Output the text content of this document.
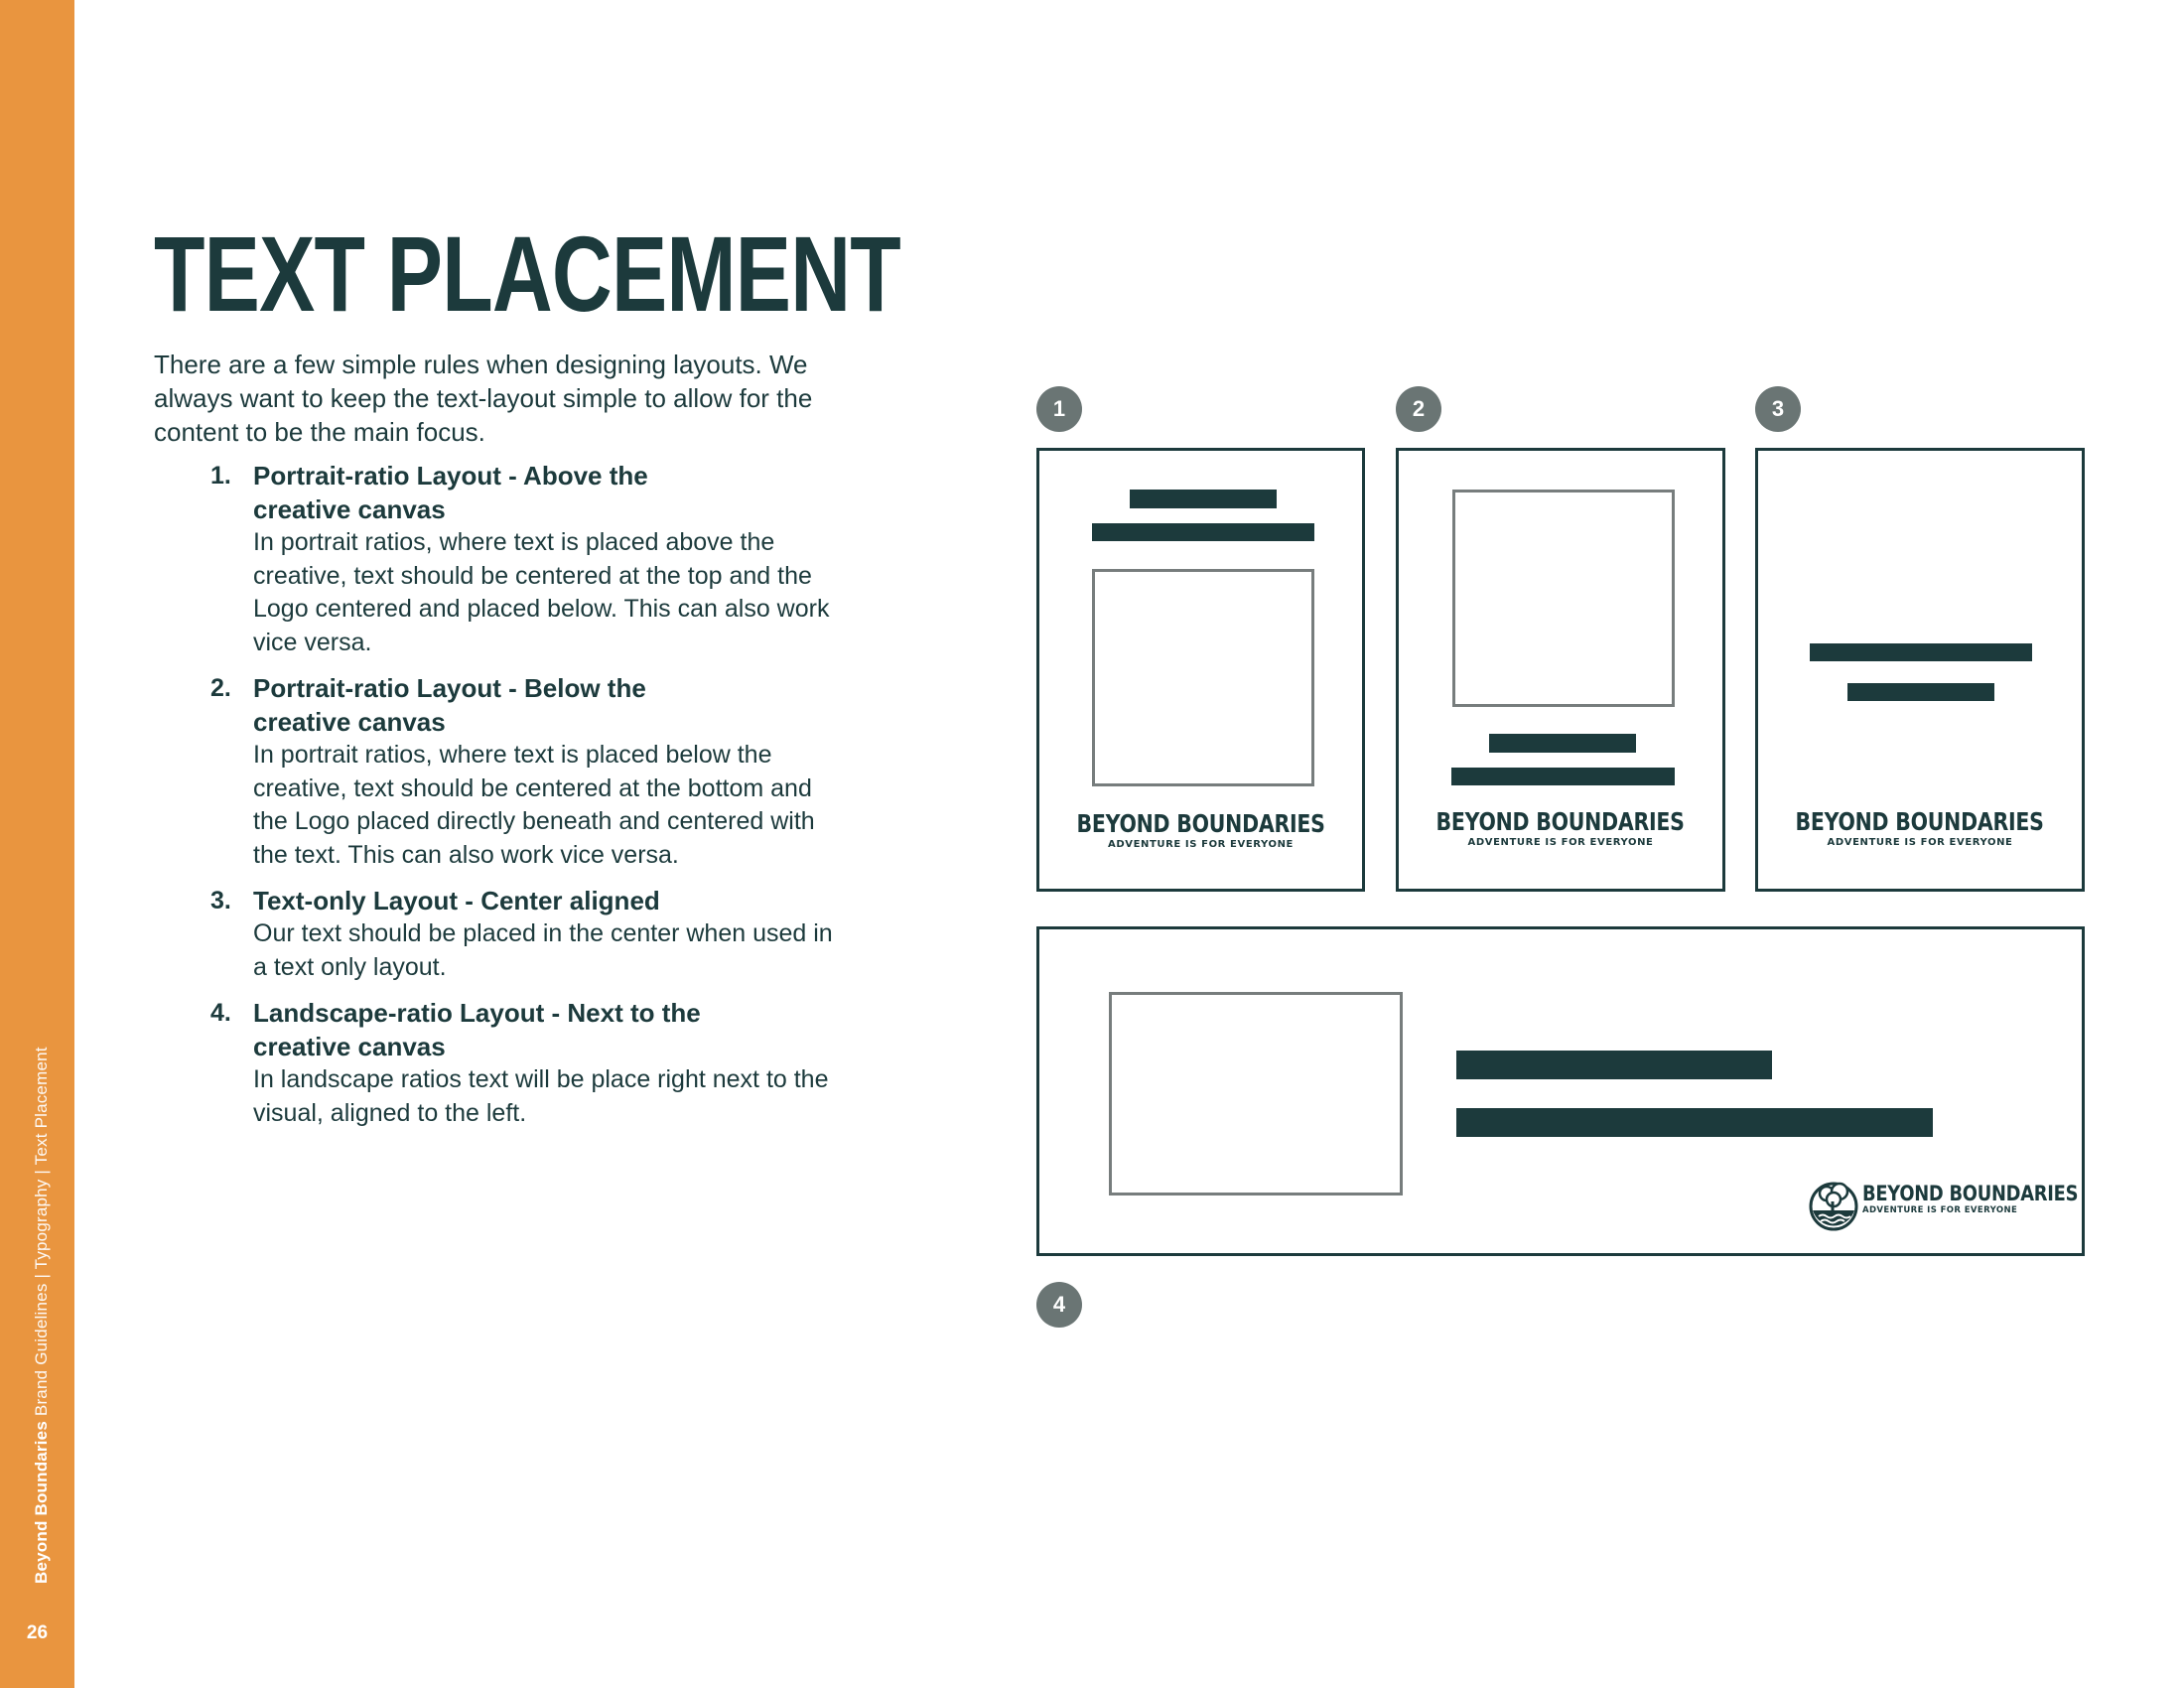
Beyond Boundaries Brand Guidelines | Typography | Text Placement
26
TEXT PLACEMENT

There are a few simple rules when designing layouts. We always want to keep the text-layout simple to allow for the content to be the main focus.

1. Portrait-ratio Layout - Above the creative canvas
In portrait ratios, where text is placed above the creative, text should be centered at the top and the Logo centered and placed below. This can also work vice versa.
2. Portrait-ratio Layout - Below the creative canvas
In portrait ratios, where text is placed below the creative, text should be centered at the bottom and the Logo placed directly beneath and centered with the text. This can also work vice versa.
3. Text-only Layout - Center aligned
Our text should be placed in the center when used in a text only layout.
4. Landscape-ratio Layout - Next to the creative canvas
In landscape ratios text will be place right next to the visual, aligned to the left.
1
BEYOND BOUNDARIES
ADVENTURE IS FOR EVERYONE
2
BEYOND BOUNDARIES
ADVENTURE IS FOR EVERYONE
3
BEYOND BOUNDARIES
ADVENTURE IS FOR EVERYONE
BEYOND BOUNDARIES
ADVENTURE IS FOR EVERYONE
4
